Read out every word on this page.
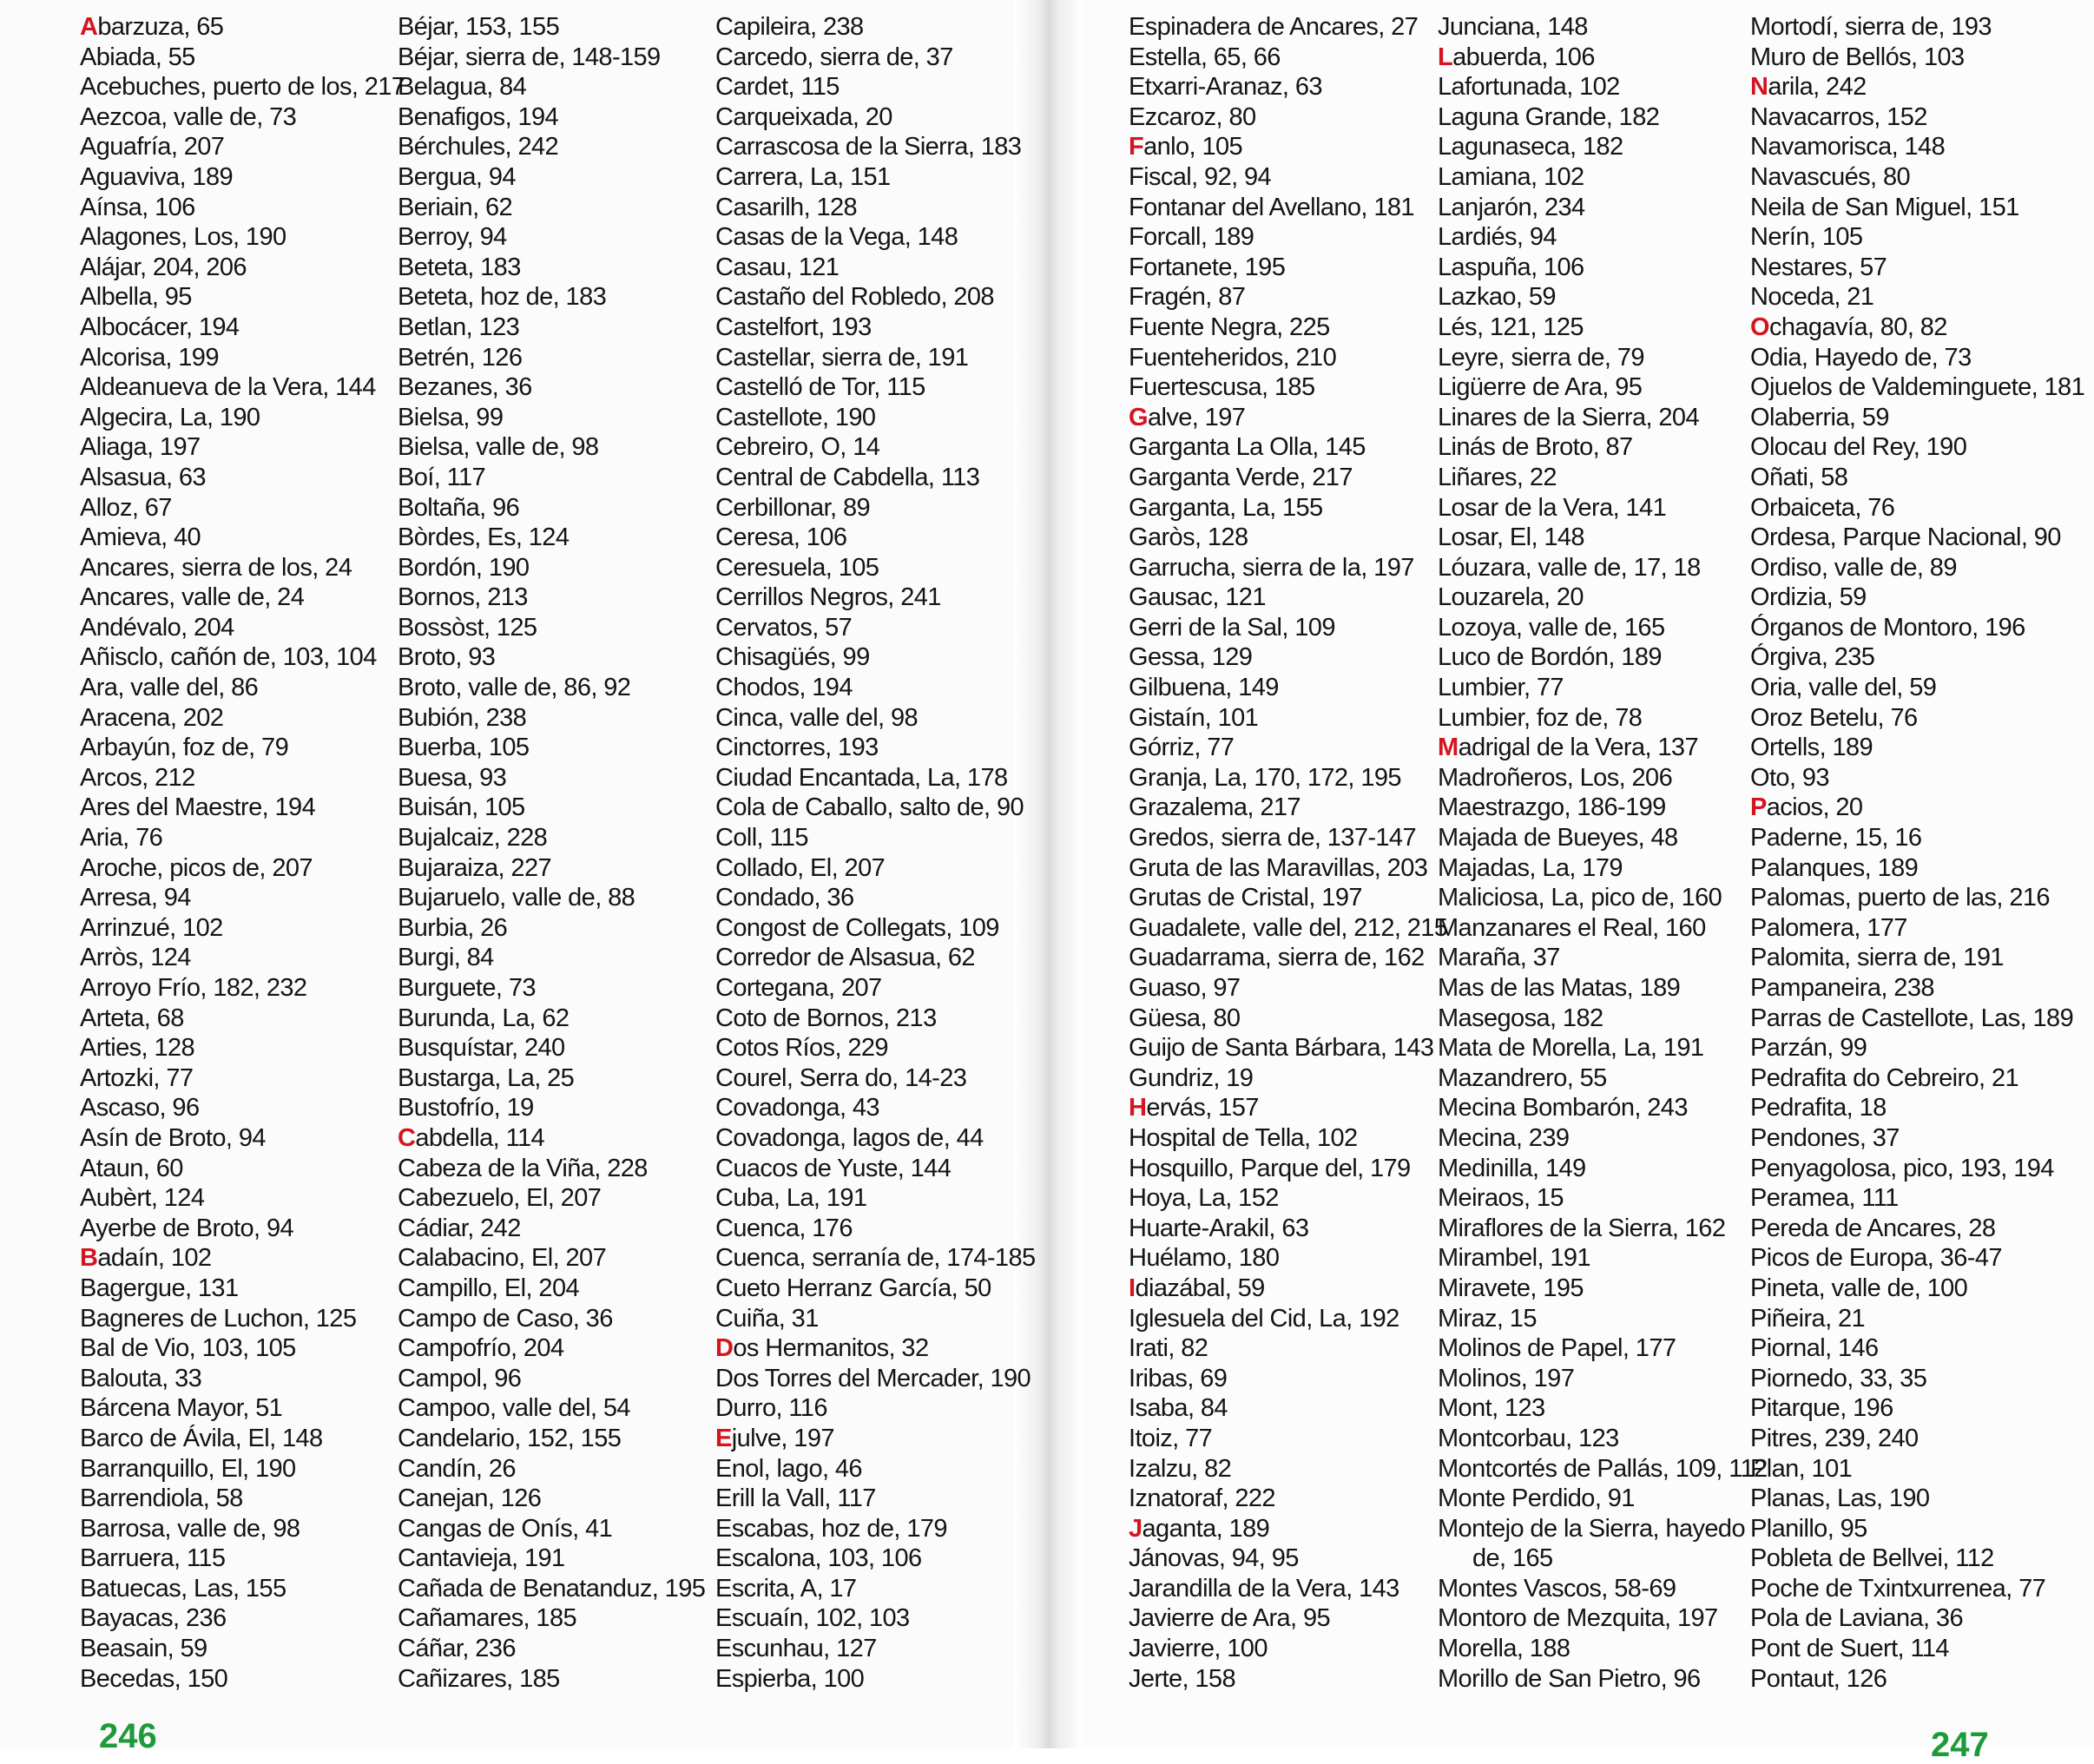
Abarzuza, 65
Abiada, 55
Acebuches, puerto de los, 217
Aezcoa, valle de, 73
Aguafría, 207
Aguaviva, 189
Aínsa, 106
Alagones, Los, 190
Alájar, 204, 206
Albella, 95
Albocácer, 194
Alcorisa, 199
Aldeanueva de la Vera, 144
Algecira, La, 190
Aliaga, 197
Alsasua, 63
Alloz, 67
Amieva, 40
Ancares, sierra de los, 24
Ancares, valle de, 24
Andévalo, 204
Añisclo, cañón de, 103, 104
Ara, valle del, 86
Aracena, 202
Arbayún, foz de, 79
Arcos, 212
Ares del Maestre, 194
Aria, 76
Aroche, picos de, 207
Arresa, 94
Arrinzué, 102
Arròs, 124
Arroyo Frío, 182, 232
Arteta, 68
Arties, 128
Artozki, 77
Ascaso, 96
Asín de Broto, 94
Ataun, 60
Aubèrt, 124
Ayerbe de Broto, 94
Badaín, 102
Bagergue, 131
Bagneres de Luchon, 125
Bal de Vio, 103, 105
Balouta, 33
Bárcena Mayor, 51
Barco de Ávila, El, 148
Barranquillo, El, 190
Barrendiola, 58
Barrosa, valle de, 98
Barruera, 115
Batuecas, Las, 155
Bayacas, 236
Beasain, 59
Becedas, 150
Béjar, 153, 155
Béjar, sierra de, 148-159
Belagua, 84
Benafigos, 194
Bérchules, 242
Bergua, 94
Beriain, 62
Berroy, 94
Beteta, 183
Beteta, hoz de, 183
Betlan, 123
Betrén, 126
Bezanes, 36
Bielsa, 99
Bielsa, valle de, 98
Boí, 117
Boltaña, 96
Bòrdes, Es, 124
Bordón, 190
Bornos, 213
Bossòst, 125
Broto, 93
Broto, valle de, 86, 92
Bubión, 238
Buerba, 105
Buesa, 93
Buisán, 105
Bujalcaiz, 228
Bujaraiza, 227
Bujaruelo, valle de, 88
Burbia, 26
Burgi, 84
Burguete, 73
Burunda, La, 62
Busquístar, 240
Bustarga, La, 25
Bustofrío, 19
Cabdella, 114
Cabeza de la Viña, 228
Cabezuelo, El, 207
Cádiar, 242
Calabacino, El, 207
Campillo, El, 204
Campo de Caso, 36
Campofrío, 204
Campol, 96
Campoo, valle del, 54
Candelario, 152, 155
Candín, 26
Canejan, 126
Cangas de Onís, 41
Cantavieja, 191
Cañada de Benatanduz, 195
Cañamares, 185
Cáñar, 236
Cañizares, 185
Capileira, 238
Carcedo, sierra de, 37
Cardet, 115
Carqueixada, 20
Carrascosa de la Sierra, 183
Carrera, La, 151
Casarilh, 128
Casas de la Vega, 148
Casau, 121
Castaño del Robledo, 208
Castelfort, 193
Castellar, sierra de, 191
Castelló de Tor, 115
Castellote, 190
Cebreiro, O, 14
Central de Cabdella, 113
Cerbillonar, 89
Ceresa, 106
Ceresuela, 105
Cerrillos Negros, 241
Cervatos, 57
Chisagüés, 99
Chodos, 194
Cinca, valle del, 98
Cinctorres, 193
Ciudad Encantada, La, 178
Cola de Caballo, salto de, 90
Coll, 115
Collado, El, 207
Condado, 36
Congost de Collegats, 109
Corredor de Alsasua, 62
Cortegana, 207
Coto de Bornos, 213
Cotos Ríos, 229
Courel, Serra do, 14-23
Covadonga, 43
Covadonga, lagos de, 44
Cuacos de Yuste, 144
Cuba, La, 191
Cuenca, 176
Cuenca, serranía de, 174-185
Cueto Herranz García, 50
Cuiña, 31
Dos Hermanitos, 32
Dos Torres del Mercader, 190
Durro, 116
Ejulve, 197
Enol, lago, 46
Erill la Vall, 117
Escabas, hoz de, 179
Escalona, 103, 106
Escrita, A, 17
Escuaín, 102, 103
Escunhau, 127
Espierba, 100
Espinadera de Ancares, 27
Estella, 65, 66
Etxarri-Aranaz, 63
Ezcaroz, 80
Fanlo, 105
Fiscal, 92, 94
Fontanar del Avellano, 181
Forcall, 189
Fortanete, 195
Fragén, 87
Fuente Negra, 225
Fuenteheridos, 210
Fuertescusa, 185
Galve, 197
Garganta La Olla, 145
Garganta Verde, 217
Garganta, La, 155
Garòs, 128
Garrucha, sierra de la, 197
Gausac, 121
Gerri de la Sal, 109
Gessa, 129
Gilbuena, 149
Gistaín, 101
Górriz, 77
Granja, La, 170, 172, 195
Grazalema, 217
Gredos, sierra de, 137-147
Gruta de las Maravillas, 203
Grutas de Cristal, 197
Guadalete, valle del, 212, 215
Guadarrama, sierra de, 162
Guaso, 97
Güesa, 80
Guijo de Santa Bárbara, 143
Gundriz, 19
Hervás, 157
Hospital de Tella, 102
Hosquillo, Parque del, 179
Hoya, La, 152
Huarte-Arakil, 63
Huélamo, 180
Idiazábal, 59
Iglesuela del Cid, La, 192
Irati, 82
Iribas, 69
Isaba, 84
Itoiz, 77
Izalzu, 82
Iznatoraf, 222
Jaganta, 189
Jánovas, 94, 95
Jarandilla de la Vera, 143
Javierre de Ara, 95
Javierre, 100
Jerte, 158
Junciana, 148
Labuerda, 106
Lafortunada, 102
Laguna Grande, 182
Lagunaseca, 182
Lamiana, 102
Lanjarón, 234
Lardiés, 94
Laspuña, 106
Lazkao, 59
Lés, 121, 125
Leyre, sierra de, 79
Ligüerre de Ara, 95
Linares de la Sierra, 204
Linás de Broto, 87
Liñares, 22
Losar de la Vera, 141
Losar, El, 148
Lóuzara, valle de, 17, 18
Louzarela, 20
Lozoya, valle de, 165
Luco de Bordón, 189
Lumbier, 77
Lumbier, foz de, 78
Madrigal de la Vera, 137
Madroñeros, Los, 206
Maestrazgo, 186-199
Majada de Bueyes, 48
Majadas, La, 179
Maliciosa, La, pico de, 160
Manzanares el Real, 160
Maraña, 37
Mas de las Matas, 189
Masegosa, 182
Mata de Morella, La, 191
Mazandrero, 55
Mecina Bombarón, 243
Mecina, 239
Medinilla, 149
Meiraos, 15
Miraflores de la Sierra, 162
Mirambel, 191
Miravete, 195
Miraz, 15
Molinos de Papel, 177
Molinos, 197
Mont, 123
Montcorbau, 123
Montcortés de Pallás, 109, 112
Monte Perdido, 91
Montejo de la Sierra, hayedo
de, 165
Montes Vascos, 58-69
Montoro de Mezquita, 197
Morella, 188
Morillo de San Pietro, 96
Mortodí, sierra de, 193
Muro de Bellós, 103
Narila, 242
Navacarros, 152
Navamorisca, 148
Navascués, 80
Neila de San Miguel, 151
Nerín, 105
Nestares, 57
Noceda, 21
Ochagavía, 80, 82
Odia, Hayedo de, 73
Ojuelos de Valdeminguete, 181
Olaberria, 59
Olocau del Rey, 190
Oñati, 58
Orbaiceta, 76
Ordesa, Parque Nacional, 90
Ordiso, valle de, 89
Ordizia, 59
Órganos de Montoro, 196
Órgiva, 235
Oria, valle del, 59
Oroz Betelu, 76
Ortells, 189
Oto, 93
Pacios, 20
Paderne, 15, 16
Palanques, 189
Palomas, puerto de las, 216
Palomera, 177
Palomita, sierra de, 191
Pampaneira, 238
Parras de Castellote, Las, 189
Parzán, 99
Pedrafita do Cebreiro, 21
Pedrafita, 18
Pendones, 37
Penyagolosa, pico, 193, 194
Peramea, 111
Pereda de Ancares, 28
Picos de Europa, 36-47
Pineta, valle de, 100
Piñeira, 21
Piornal, 146
Piornedo, 33, 35
Pitarque, 196
Pitres, 239, 240
Plan, 101
Planas, Las, 190
Planillo, 95
Pobleta de Bellvei, 112
Poche de Txintxurrenea, 77
Pola de Laviana, 36
Pont de Suert, 114
Pontaut, 126
246	247
